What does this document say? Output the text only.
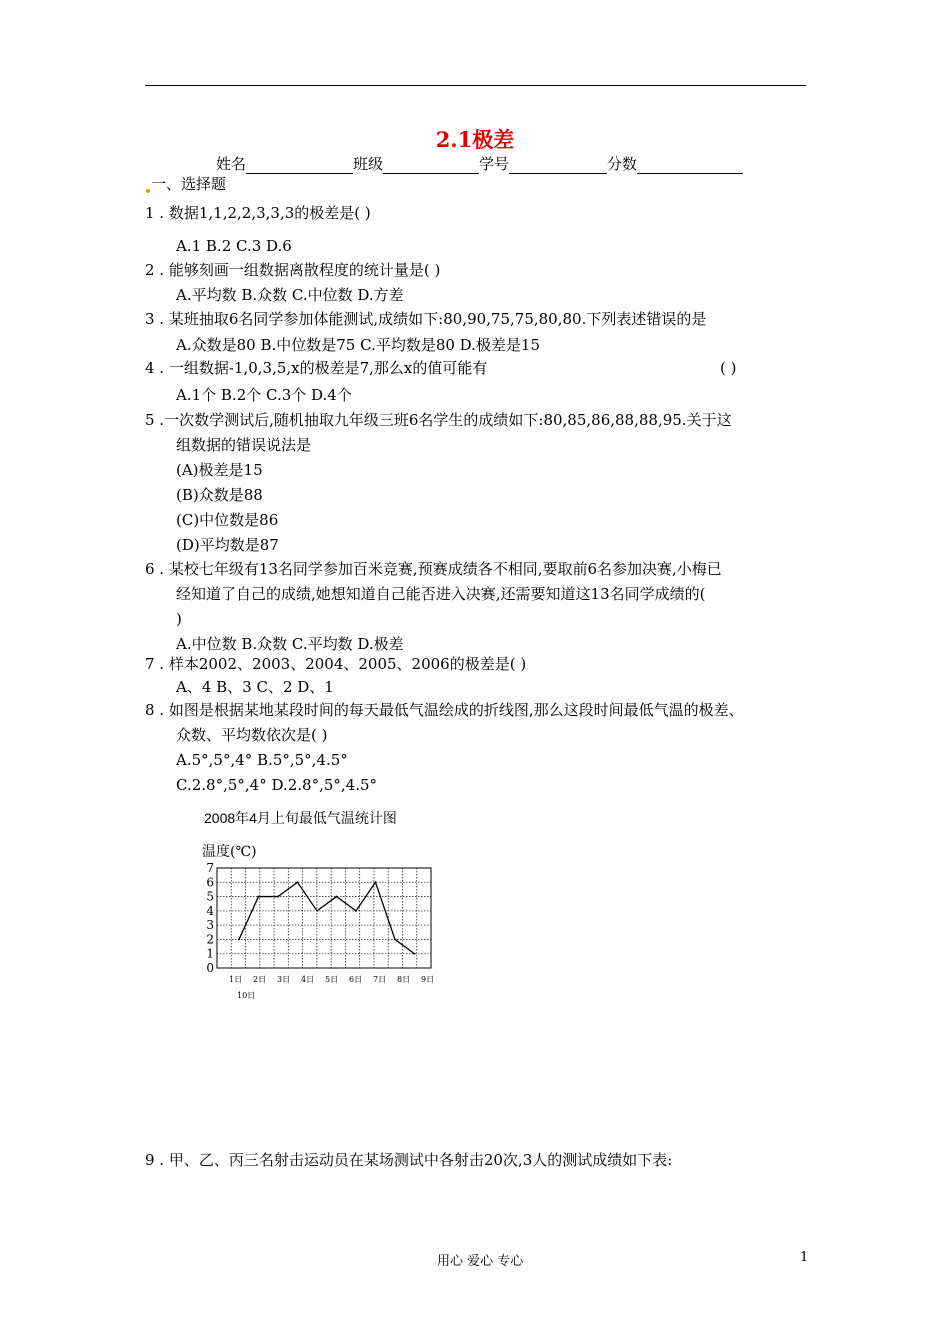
2.1极差
姓名	班级	学号	分数
一、选择题
1 . 数据1,1,2,2,3,3,3的极差是( )
A.1 B.2 C.3 D.6
2 . 能够刻画一组数据离散程度的统计量是( )
A.平均数 B.众数 C.中位数 D.方差
3 . 某班抽取6名同学参加体能测试,成绩如下:80,90,75,75,80,80.下列表述错误的是
A.众数是80 B.中位数是75 C.平均数是80 D.极差是15
4 . 一组数据-1,0,3,5,x的极差是7,那么x的值可能有	( )
A.1个 B.2个 C.3个 D.4个
5 .一次数学测试后,随机抽取九年级三班6名学生的成绩如下:80,85,86,88,88,95.关于这
组数据的错误说法是
(A)极差是15
(B)众数是88
(C)中位数是86
(D)平均数是87
6 . 某校七年级有13名同学参加百米竞赛,预赛成绩各不相同,要取前6名参加决赛,小梅已
经知道了自己的成绩,她想知道自己能否进入决赛,还需要知道这13名同学成绩的(
)
A.中位数 B.众数 C.平均数 D.极差
7 . 样本2002、2003、2004、2005、2006的极差是( )
A、4 B、3 C、2 D、1
8 . 如图是根据某地某段时间的每天最低气温绘成的折线图,那么这段时间最低气温的极差、
众数、平均数依次是( )
A.5°,5°,4° B.5°,5°,4.5°
C.2.8°,5°,4° D.2.8°,5°,4.5°
2008年4月上旬最低气温统计图
温度(℃)
0
1
2
3
4
5
6
7
1日 2日 3日 4日 5日 6日 7日 8日 9日
10日
9 . 甲、乙、丙三名射击运动员在某场测试中各射击20次,3人的测试成绩如下表:
用心 爱心 专心	1
